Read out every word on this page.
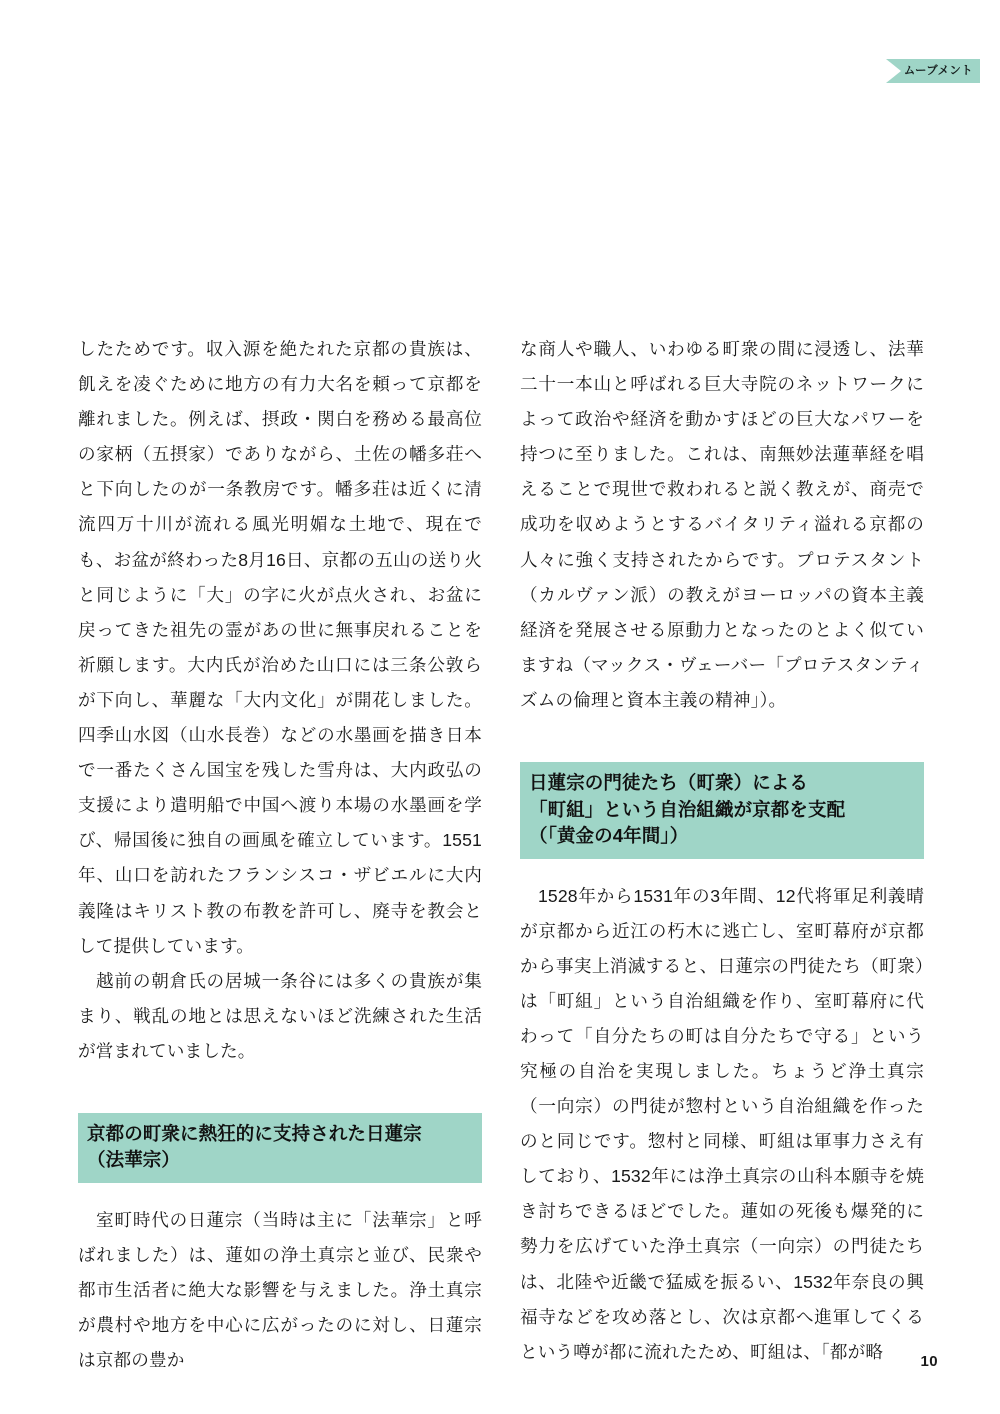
ムーブメント

したためです。収入源を絶たれた京都の貴族は、飢えを凌ぐために地方の有力大名を頼って京都を離れました。例えば、摂政・関白を務める最高位の家柄（五摂家）でありながら、土佐の幡多荘へと下向したのが一条教房です。幡多荘は近くに清流四万十川が流れる風光明媚な土地で、現在でも、お盆が終わった8月16日、京都の五山の送り火と同じように「大」の字に火が点火され、お盆に戻ってきた祖先の霊があの世に無事戻れることを祈願します。大内氏が治めた山口には三条公敦らが下向し、華麗な「大内文化」が開花しました。四季山水図（山水長巻）などの水墨画を描き日本で一番たくさん国宝を残した雪舟は、大内政弘の支援により遣明船で中国へ渡り本場の水墨画を学び、帰国後に独自の画風を確立しています。1551年、山口を訪れたフランシスコ・ザビエルに大内義隆はキリスト教の布教を許可し、廃寺を教会として提供しています。

越前の朝倉氏の居城一条谷には多くの貴族が集まり、戦乱の地とは思えないほど洗練された生活が営まれていました。

京都の町衆に熱狂的に支持された日蓮宗
（法華宗）

室町時代の日蓮宗（当時は主に「法華宗」と呼ばれました）は、蓮如の浄土真宗と並び、民衆や都市生活者に絶大な影響を与えました。浄土真宗が農村や地方を中心に広がったのに対し、日蓮宗は京都の豊か

な商人や職人、いわゆる町衆の間に浸透し、法華二十一本山と呼ばれる巨大寺院のネットワークによって政治や経済を動かすほどの巨大なパワーを持つに至りました。これは、南無妙法蓮華経を唱えることで現世で救われると説く教えが、商売で成功を収めようとするバイタリティ溢れる京都の人々に強く支持されたからです。プロテスタント（カルヴァン派）の教えがヨーロッパの資本主義経済を発展させる原動力となったのとよく似ていますね（マックス・ヴェーバー「プロテスタンティズムの倫理と資本主義の精神」）。

日蓮宗の門徒たち（町衆）による
「町組」という自治組織が京都を支配
（「黄金の4年間」）

1528年から1531年の3年間、12代将軍足利義晴が京都から近江の朽木に逃亡し、室町幕府が京都から事実上消滅すると、日蓮宗の門徒たち（町衆）は「町組」という自治組織を作り、室町幕府に代わって「自分たちの町は自分たちで守る」という究極の自治を実現しました。ちょうど浄土真宗（一向宗）の門徒が惣村という自治組織を作ったのと同じです。惣村と同様、町組は軍事力さえ有しており、1532年には浄土真宗の山科本願寺を焼き討ちできるほどでした。蓮如の死後も爆発的に勢力を広げていた浄土真宗（一向宗）の門徒たちは、北陸や近畿で猛威を振るい、1532年奈良の興福寺などを攻め落とし、次は京都へ進軍してくるという噂が都に流れたため、町組は、「都が略	10
